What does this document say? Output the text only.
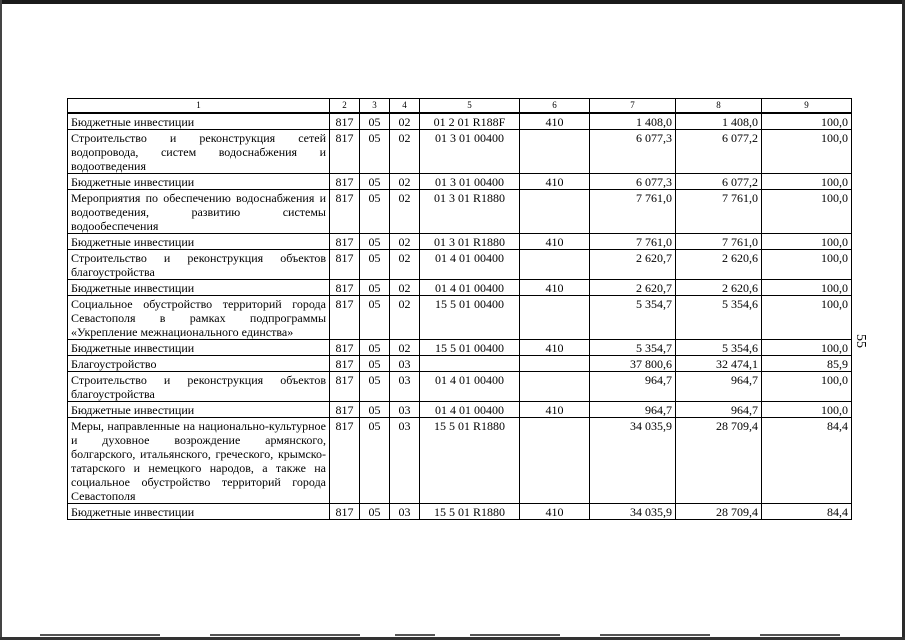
55
1	2	3	4	5	6	7	8	9
Бюджетные инвестиции	817	05	02	01 2 01 R188F	410	1 408,0	1 408,0	100,0
Строительство и реконструкция сетей водопровода, систем водоснабжения и водоотведения	817	05	02	01 3 01 00400		6 077,3	6 077,2	100,0
Бюджетные инвестиции	817	05	02	01 3 01 00400	410	6 077,3	6 077,2	100,0
Мероприятия по обеспечению водоснабжения и водоотведения, развитию системы водообеспечения	817	05	02	01 3 01 R1880		7 761,0	7 761,0	100,0
Бюджетные инвестиции	817	05	02	01 3 01 R1880	410	7 761,0	7 761,0	100,0
Строительство и реконструкция объектов благоустройства	817	05	02	01 4 01 00400		2 620,7	2 620,6	100,0
Бюджетные инвестиции	817	05	02	01 4 01 00400	410	2 620,7	2 620,6	100,0
Социальное обустройство территорий города Севастополя в рамках подпрограммы «Укрепление межнационального единства»	817	05	02	15 5 01 00400		5 354,7	5 354,6	100,0
Бюджетные инвестиции	817	05	02	15 5 01 00400	410	5 354,7	5 354,6	100,0
Благоустройство	817	05	03			37 800,6	32 474,1	85,9
Строительство и реконструкция объектов благоустройства	817	05	03	01 4 01 00400		964,7	964,7	100,0
Бюджетные инвестиции	817	05	03	01 4 01 00400	410	964,7	964,7	100,0
Меры, направленные на национально-культурное и духовное возрождение армянского, болгарского, итальянского, греческого, крымско-татарского и немецкого народов, а также на социальное обустройство территорий города Севастополя	817	05	03	15 5 01 R1880		34 035,9	28 709,4	84,4
Бюджетные инвестиции	817	05	03	15 5 01 R1880	410	34 035,9	28 709,4	84,4
